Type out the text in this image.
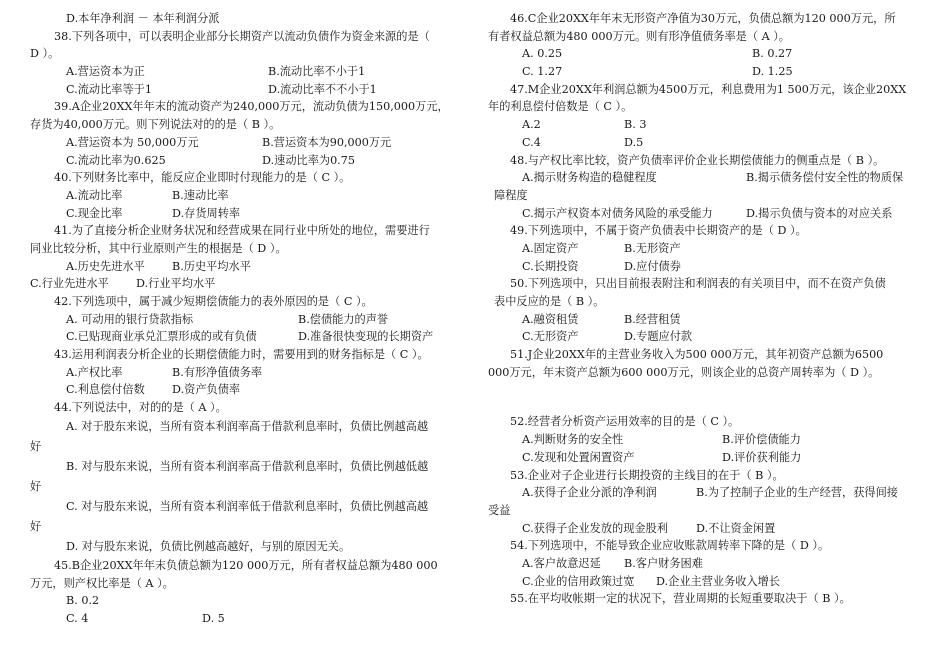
D.本年净利润 － 本年利润分派
38.下列各项中，可以表明企业部分长期资产以流动负债作为资金来源的是（
D ）。
A.营运资本为正	B.流动比率不小于1
C.流动比率等于1	D.流动比率不不小于1
39.A企业20XX年年末的流动资产为240,000万元，流动负债为150,000万元，
存货为40,000万元。则下列说法对的的是（ B ）。
A.营运资本为 50,000万元	B.营运资本为90,000万元
C.流动比率为0.625	D.速动比率为0.75
40.下列财务比率中，能反应企业即时付现能力的是（ C ）。
A.流动比率	B.速动比率
C.现金比率	D.存货周转率
41.为了直接分析企业财务状况和经营成果在同行业中所处的地位，需要进行
同业比较分析，其中行业原则产生的根据是（ D ）。
A.历史先进水平 B.历史平均水平
C.行业先进水平 D.行业平均水平
42.下列选项中，属于减少短期偿债能力的表外原因的是（ C ）。
A. 可动用的银行贷款指标	B.偿债能力的声誉
C.已贴现商业承兑汇票形成的或有负债	D.准备很快变现的长期资产
43.运用利润表分析企业的长期偿债能力时，需要用到的财务指标是（ C ）。
A.产权比率	B.有形净值债务率
C.利息偿付倍数 D.资产负债率
44.下列说法中，对的的是（ A ）。
A. 对于股东来说，当所有资本利润率高于借款利息率时，负债比例越高越
好
B. 对与股东来说，当所有资本利润率高于借款利息率时，负债比例越低越
好
C. 对与股东来说，当所有资本利润率低于借款利息率时，负债比例越高越
好
D. 对与股东来说，负债比例越高越好，与别的原因无关。
45.B企业20XX年年末负债总额为120 000万元，所有者权益总额为480 000
万元，则产权比率是（ A ）。
B. 0.2
C. 4	D. 5
46.C企业20XX年年末无形资产净值为30万元，负债总额为120 000万元，所
有者权益总额为480 000万元。则有形净值债务率是（ A ）。
A. 0.25	B. 0.27
C. 1.27	D. 1.25
47.M企业20XX年利润总额为4500万元，利息费用为1 500万元，该企业20XX
年的利息偿付倍数是（ C ）。
A.2	B. 3
C.4	D.5
48.与产权比率比较，资产负债率评价企业长期偿债能力的侧重点是（ B ）。
A.揭示财务构造的稳健程度	B.揭示债务偿付安全性的物质保
障程度
C.揭示产权资本对债务风险的承受能力	D.揭示负债与资本的对应关系
49.下列选项中，不属于资产负债表中长期资产的是（ D ）。
A.固定资产	B.无形资产
C.长期投资	D.应付债券
50.下列选项中，只出目前报表附注和利润表的有关项目中，而不在资产负债
表中反应的是（ B ）。
A.融资租赁	B.经营租赁
C.无形资产	D.专题应付款
51.J企业20XX年的主营业务收入为500 000万元，其年初资产总额为6500
000万元，年末资产总额为600 000万元，则该企业的总资产周转率为（ D ）。
52.经营者分析资产运用效率的目的是（ C ）。
A.判断财务的安全性	B.评价偿债能力
C.发现和处置闲置资产	D.评价获利能力
53.企业对子企业进行长期投资的主线目的在于（ B ）。
A.获得子企业分派的净利润	B.为了控制子企业的生产经营，获得间接
受益
C.获得子企业发放的现金股利	D.不让资金闲置
54.下列选项中，不能导致企业应收账款周转率下降的是（ D ）。
A.客户故意迟延 B.客户财务困难
C.企业的信用政策过宽 D.企业主营业务收入增长
55.在平均收帐期一定的状况下，营业周期的长短重要取决于（ B ）。
